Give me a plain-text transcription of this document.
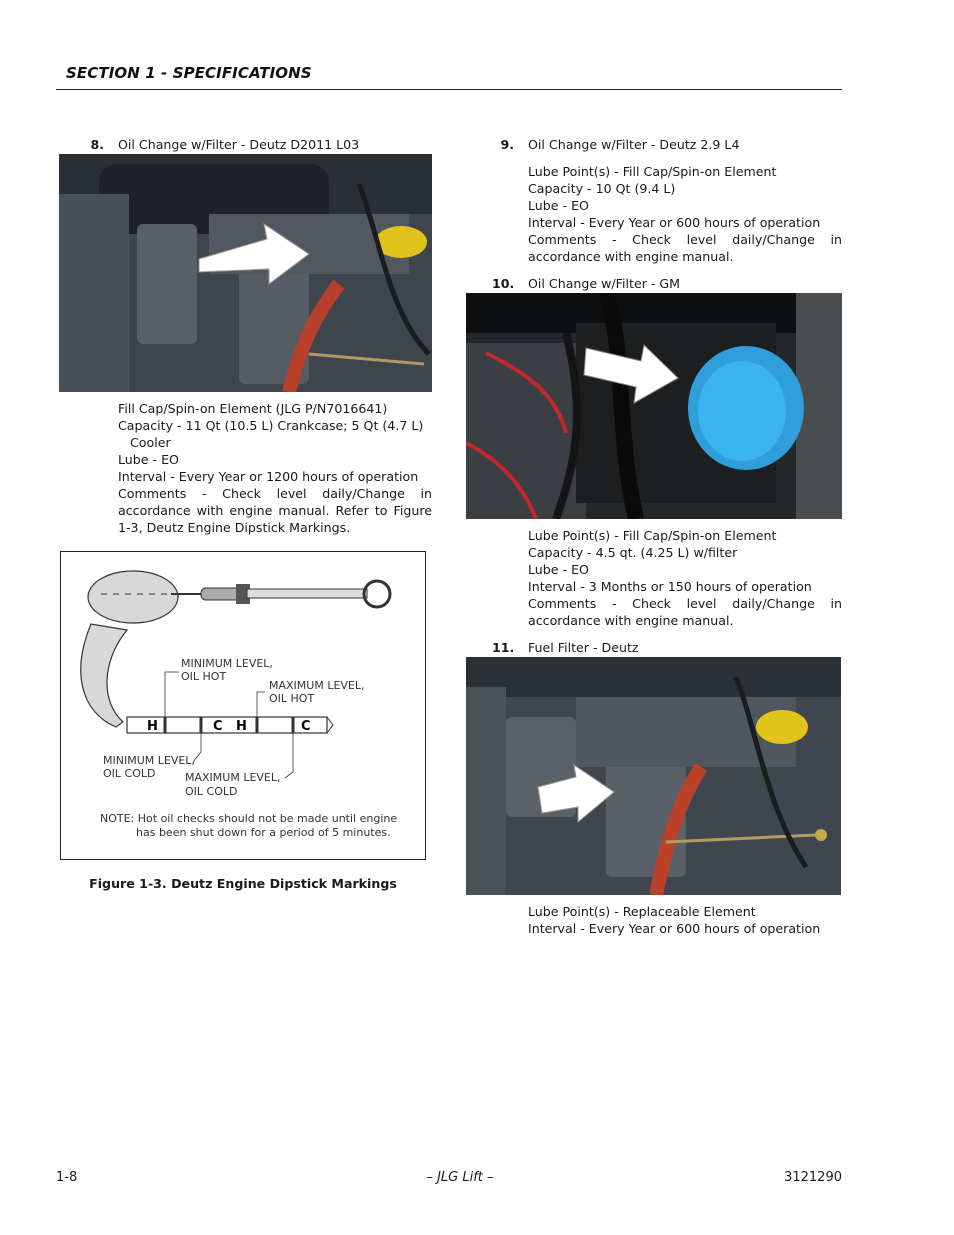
SECTION 1 - SPECIFICATIONS
8. Oil Change w/Filter - Deutz D2011 L03

Fill Cap/Spin-on Element (JLG P/N7016641)

Capacity - 11 Qt (10.5 L) Crankcase; 5 Qt (4.7 L)

Cooler

Lube - EO

Interval - Every Year or 1200 hours of operation

Comments - Check level daily/Change in accordance with engine manual. Refer to Figure 1-3, Deutz Engine Dipstick Markings.

H	C H	C
MINIMUM LEVEL,
OIL HOT
MAXIMUM LEVEL,
OIL HOT
MINIMUM LEVEL,
OIL COLD	MAXIMUM LEVEL,
OIL COLD
NOTE: Hot oil checks should not be made until engine
has been shut down for a period of 5 minutes.
Figure 1-3. Deutz Engine Dipstick Markings
9. Oil Change w/Filter - Deutz 2.9 L4

Lube Point(s) - Fill Cap/Spin-on Element

Capacity - 10 Qt (9.4 L)

Lube - EO

Interval - Every Year or 600 hours of operation

Comments - Check level daily/Change in accordance with engine manual.

10. Oil Change w/Filter - GM

Lube Point(s) - Fill Cap/Spin-on Element

Capacity - 4.5 qt. (4.25 L) w/filter

Lube - EO

Interval - 3 Months or 150 hours of operation

Comments - Check level daily/Change in accordance with engine manual.

11. Fuel Filter - Deutz

Lube Point(s) - Replaceable Element

Interval - Every Year or 600 hours of operation

1-8	– JLG Lift –	3121290
